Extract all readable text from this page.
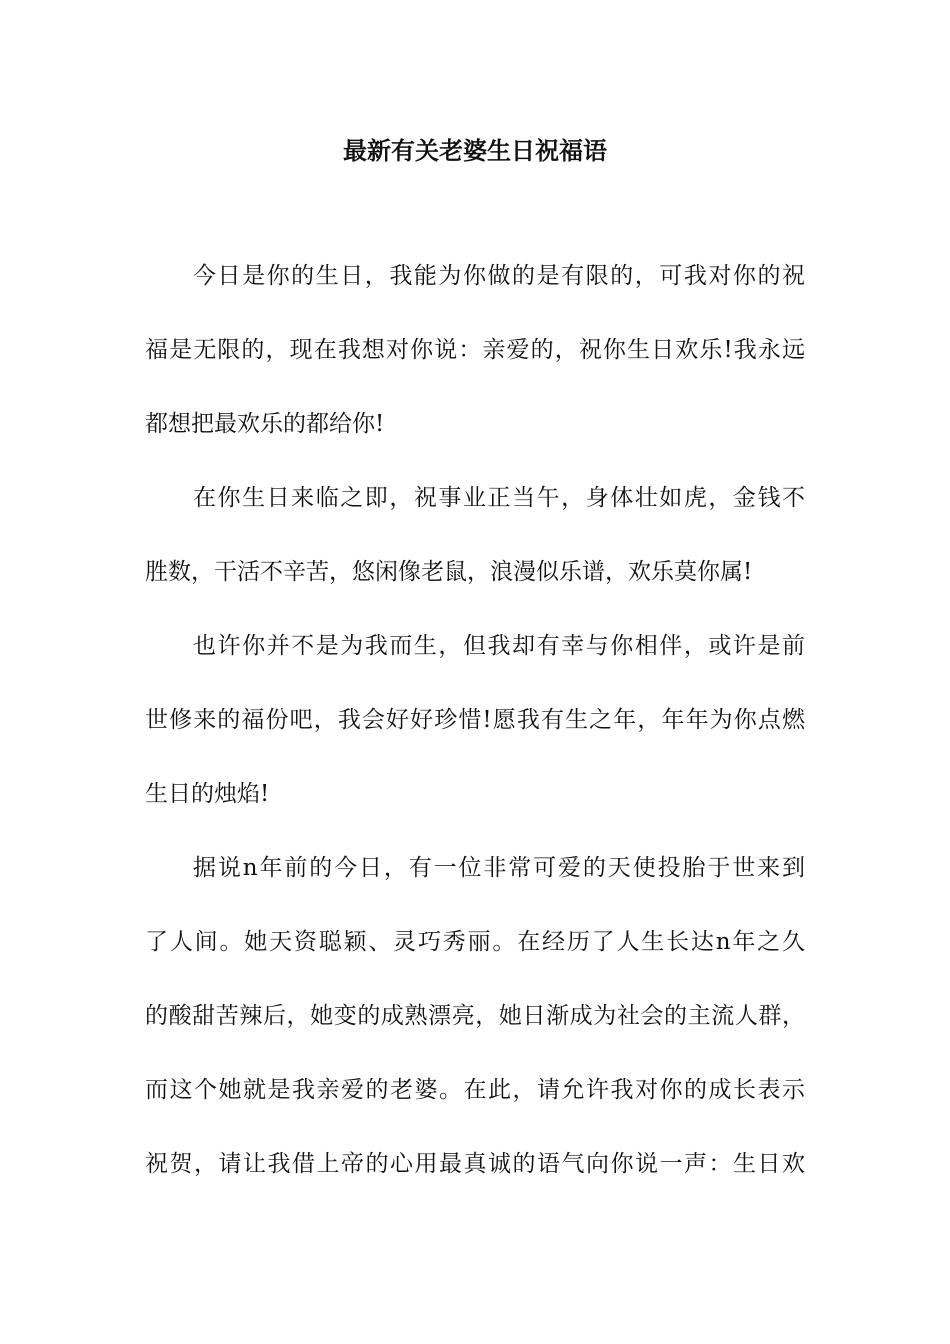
最新有关老婆生日祝福语
今日是你的生日，我能为你做的是有限的，可我对你的祝
福是无限的，现在我想对你说：亲爱的，祝你生日欢乐!我永远
都想把最欢乐的都给你!
在你生日来临之即，祝事业正当午，身体壮如虎，金钱不
胜数，干活不辛苦，悠闲像老鼠，浪漫似乐谱，欢乐莫你属!
也许你并不是为我而生，但我却有幸与你相伴，或许是前
世修来的福份吧，我会好好珍惜!愿我有生之年，年年为你点燃
生日的烛焰!
据说n年前的今日，有一位非常可爱的天使投胎于世来到
了人间。她天资聪颖、灵巧秀丽。在经历了人生长达n年之久
的酸甜苦辣后，她变的成熟漂亮，她日渐成为社会的主流人群，
而这个她就是我亲爱的老婆。在此，请允许我对你的成长表示
祝贺，请让我借上帝的心用最真诚的语气向你说一声：生日欢
